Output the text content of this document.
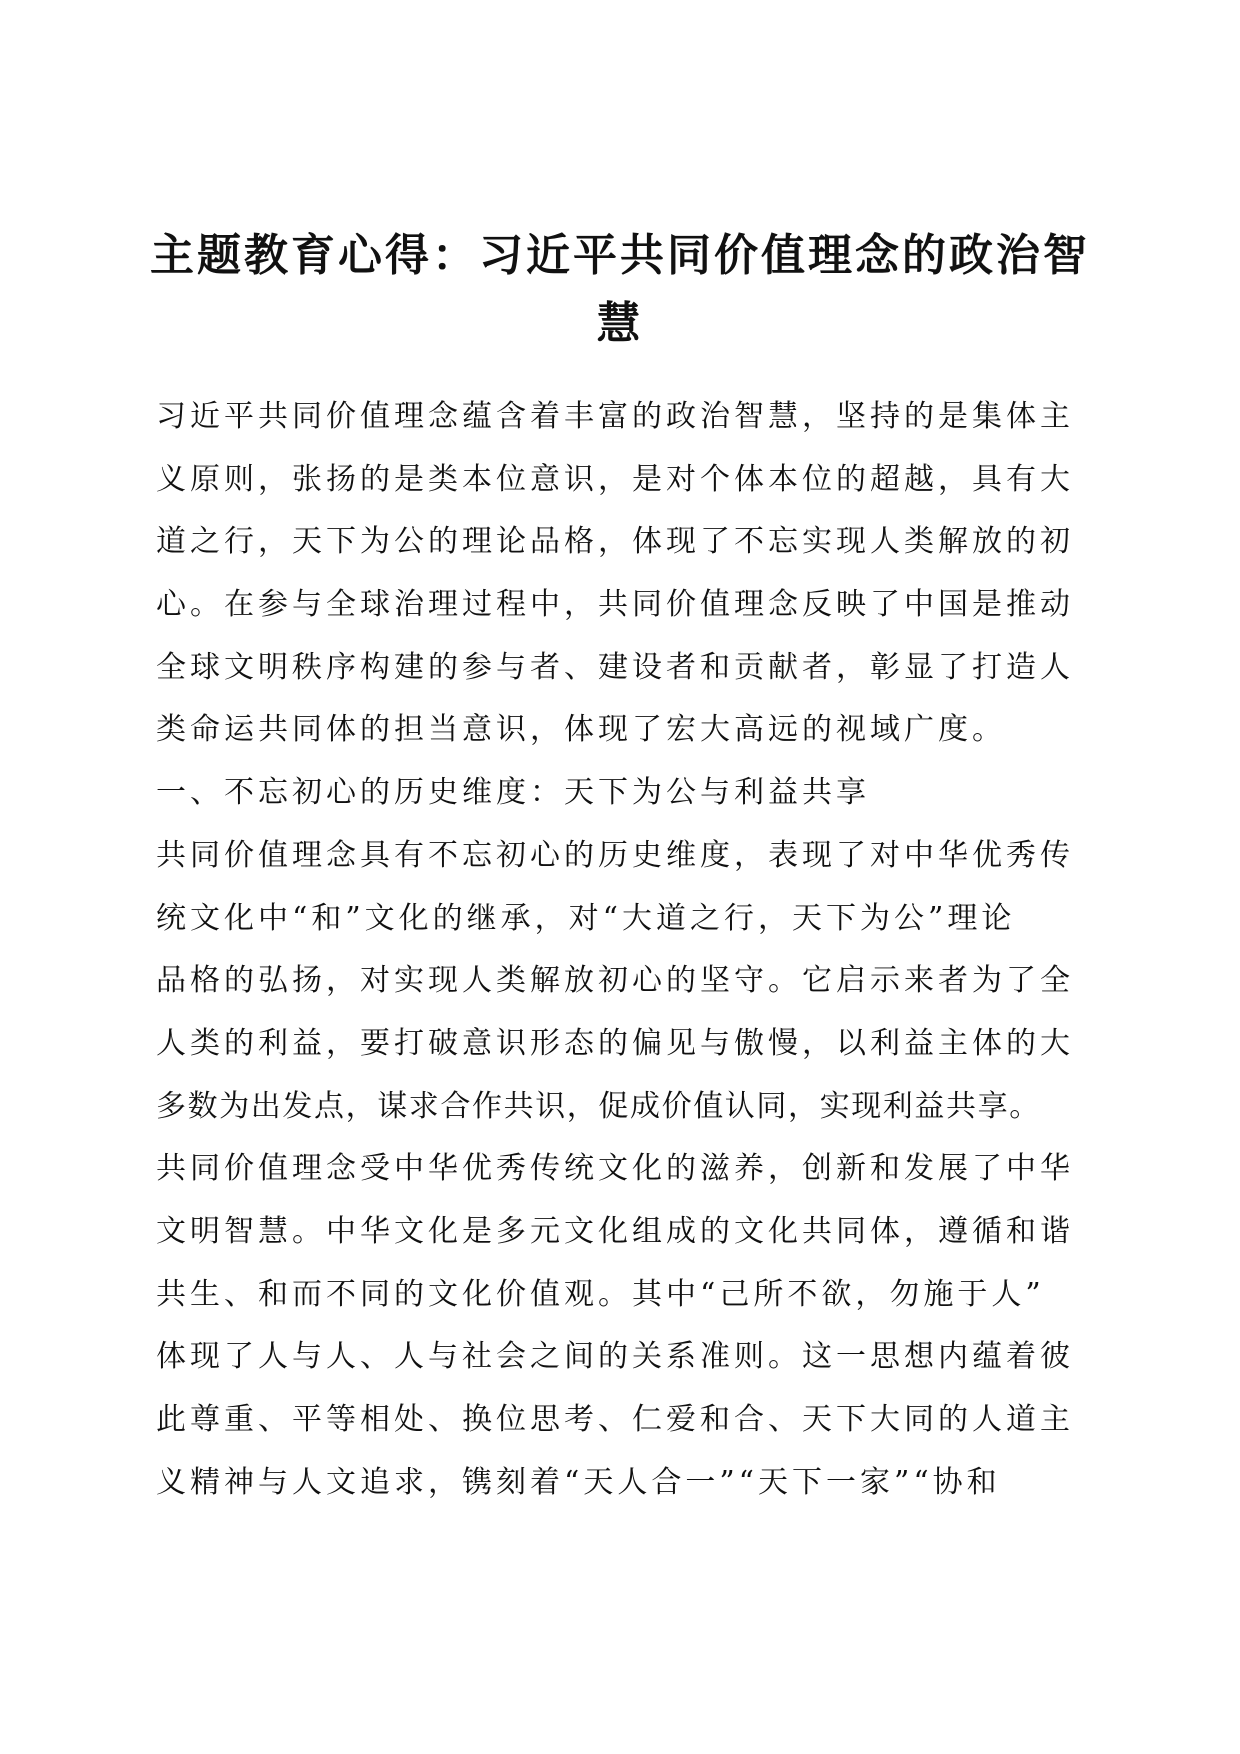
主题教育心得：习近平共同价值理念的政治智
慧
习近平共同价值理念蕴含着丰富的政治智慧，坚持的是集体主
义原则，张扬的是类本位意识，是对个体本位的超越，具有大
道之行，天下为公的理论品格，体现了不忘实现人类解放的初
心。在参与全球治理过程中，共同价值理念反映了中国是推动
全球文明秩序构建的参与者、建设者和贡献者，彰显了打造人
类命运共同体的担当意识，体现了宏大高远的视域广度。
一、不忘初心的历史维度：天下为公与利益共享
共同价值理念具有不忘初心的历史维度，表现了对中华优秀传
统文化中“和”文化的继承，对“大道之行，天下为公”理论
品格的弘扬，对实现人类解放初心的坚守。它启示来者为了全
人类的利益，要打破意识形态的偏见与傲慢，以利益主体的大
多数为出发点，谋求合作共识，促成价值认同，实现利益共享。
共同价值理念受中华优秀传统文化的滋养，创新和发展了中华
文明智慧。中华文化是多元文化组成的文化共同体，遵循和谐
共生、和而不同的文化价值观。其中“己所不欲，勿施于人”
体现了人与人、人与社会之间的关系准则。这一思想内蕴着彼
此尊重、平等相处、换位思考、仁爱和合、天下大同的人道主
义精神与人文追求，镌刻着“天人合一”“天下一家”“协和
